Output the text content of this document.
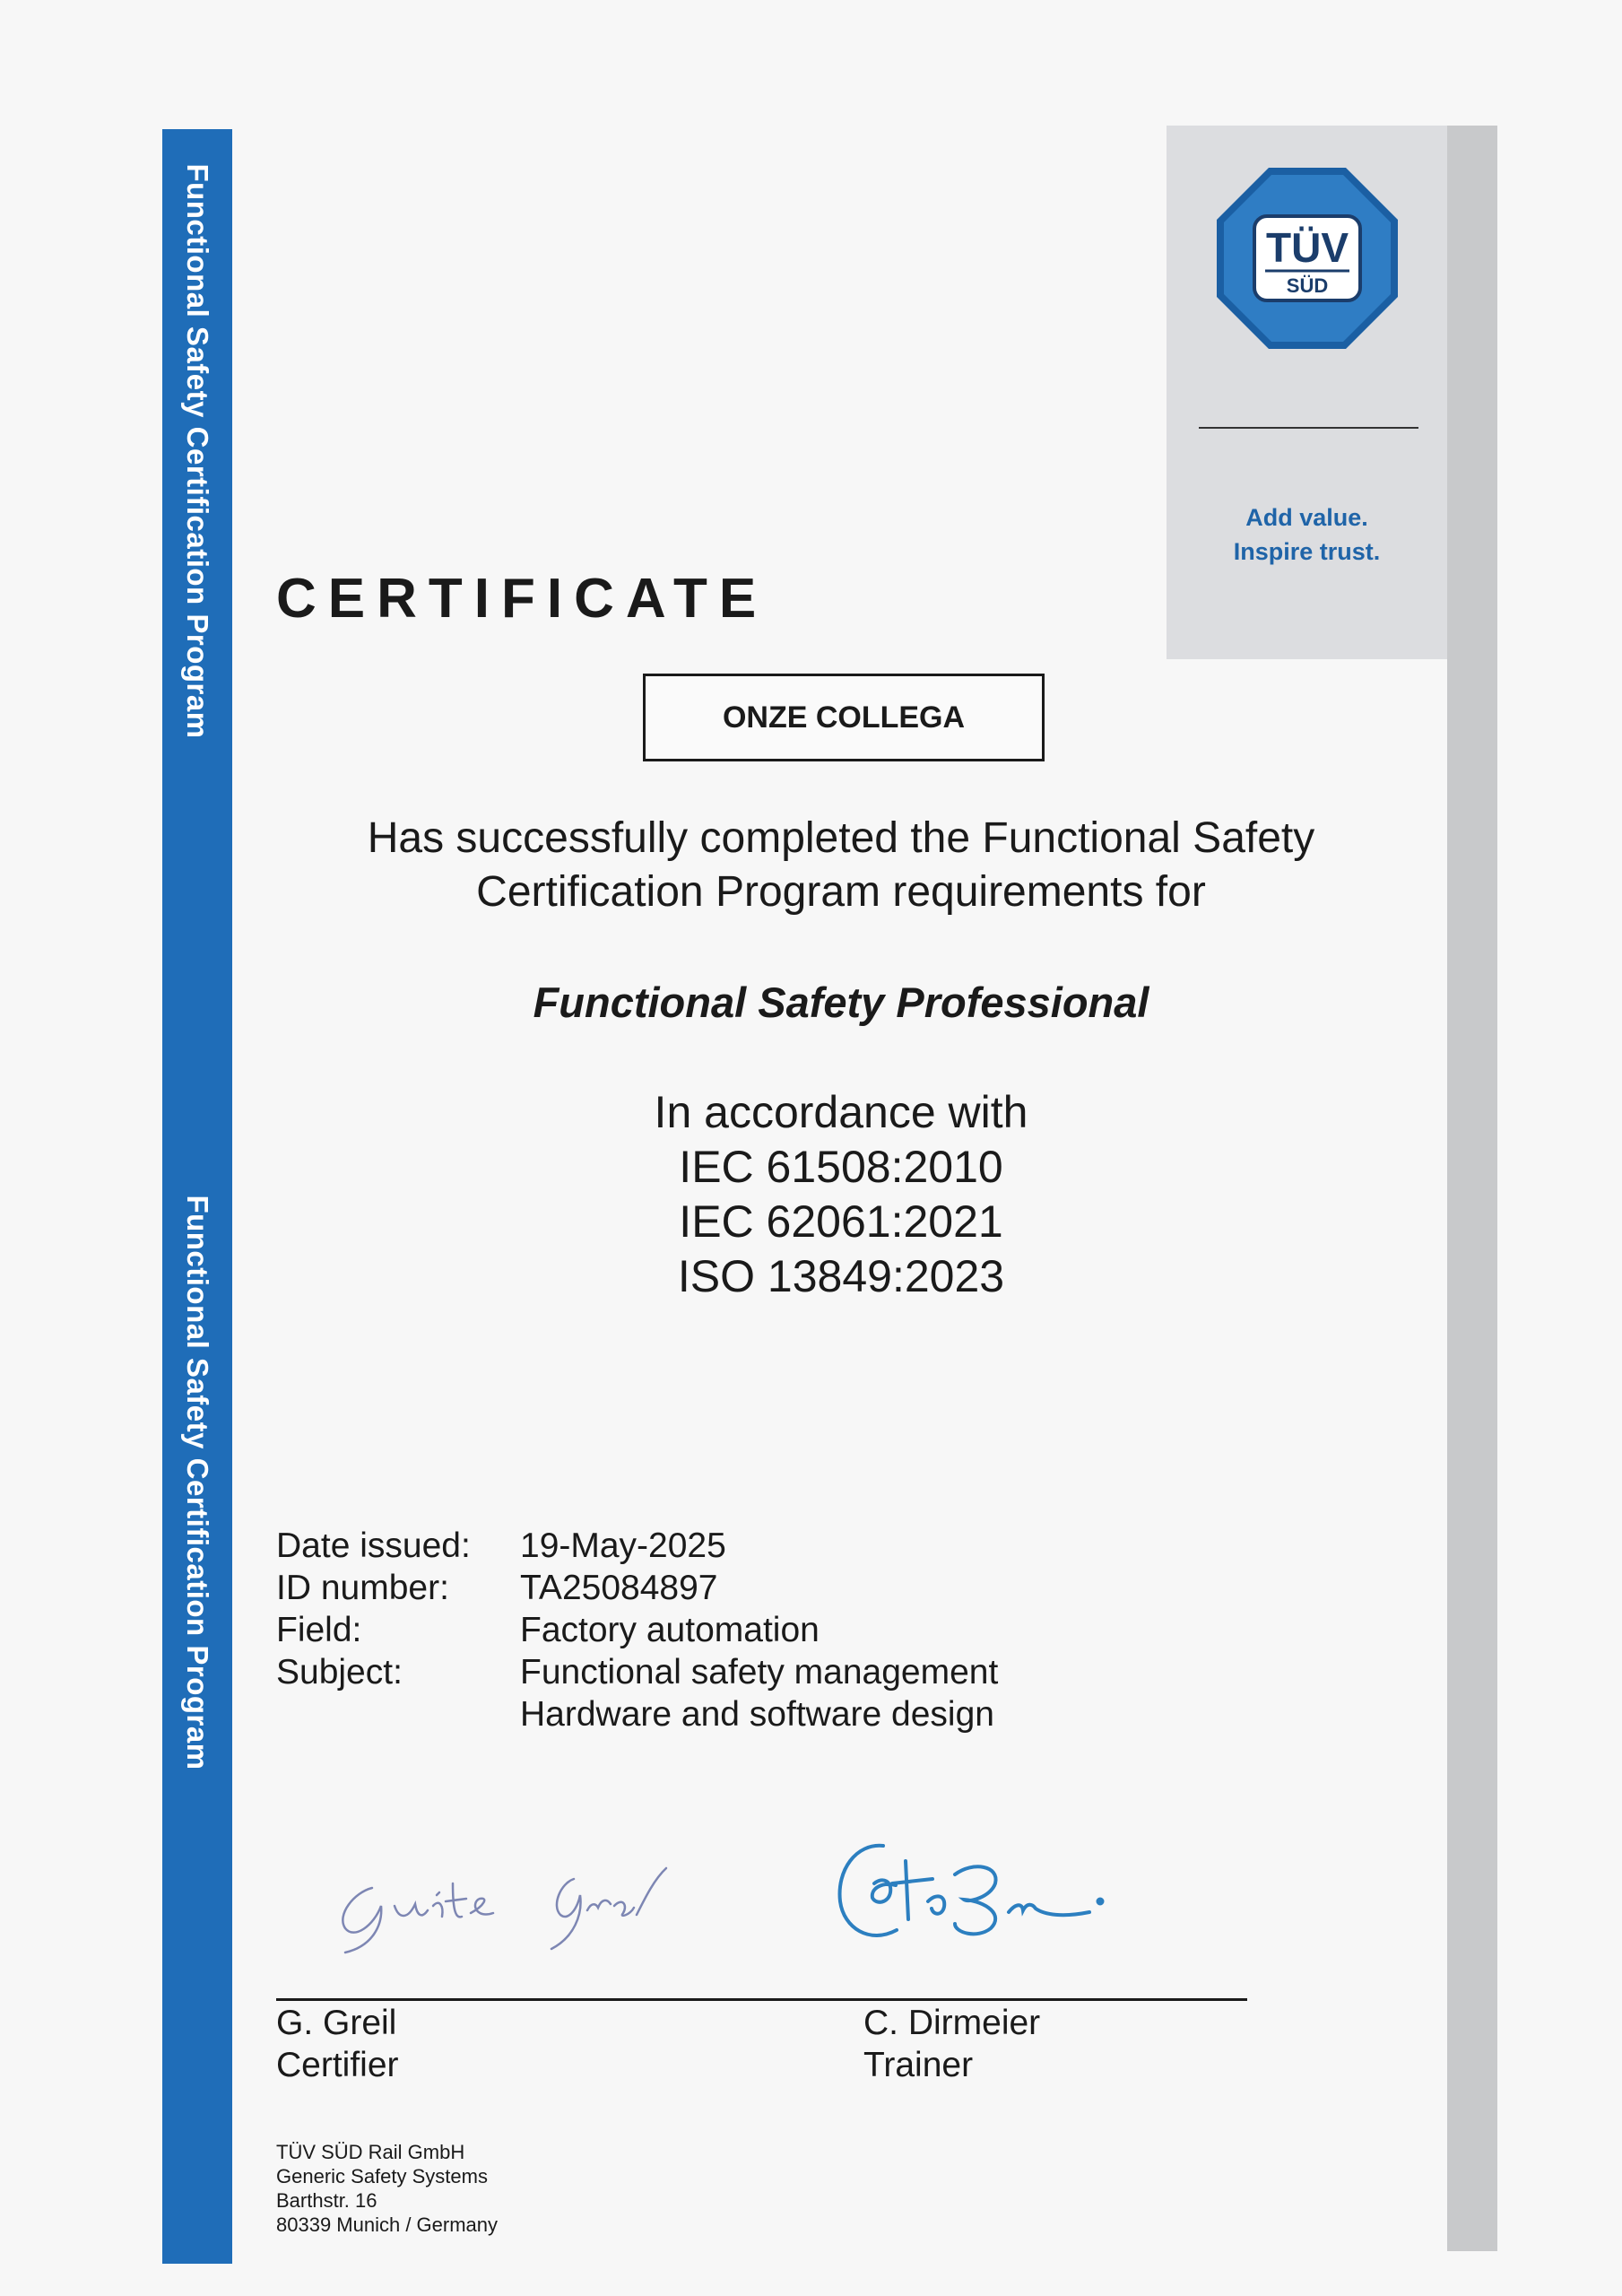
Functional Safety Certification Program
Functional Safety Certification Program
TÜV
SÜD
Add value.
Inspire trust.
CERTIFICATE
ONZE COLLEGA
Has successfully completed the Functional Safety
Certification Program requirements for
Functional Safety Professional
In accordance with
IEC 61508:2010
IEC 62061:2021
ISO 13849:2023
Date issued:	19-May-2025
ID number:	TA25084897
Field:	Factory automation
Subject:	Functional safety management
Hardware and software design
G. Greil
Certifier
C. Dirmeier
Trainer
TÜV SÜD Rail GmbH
Generic Safety Systems
Barthstr. 16
80339 Munich / Germany
